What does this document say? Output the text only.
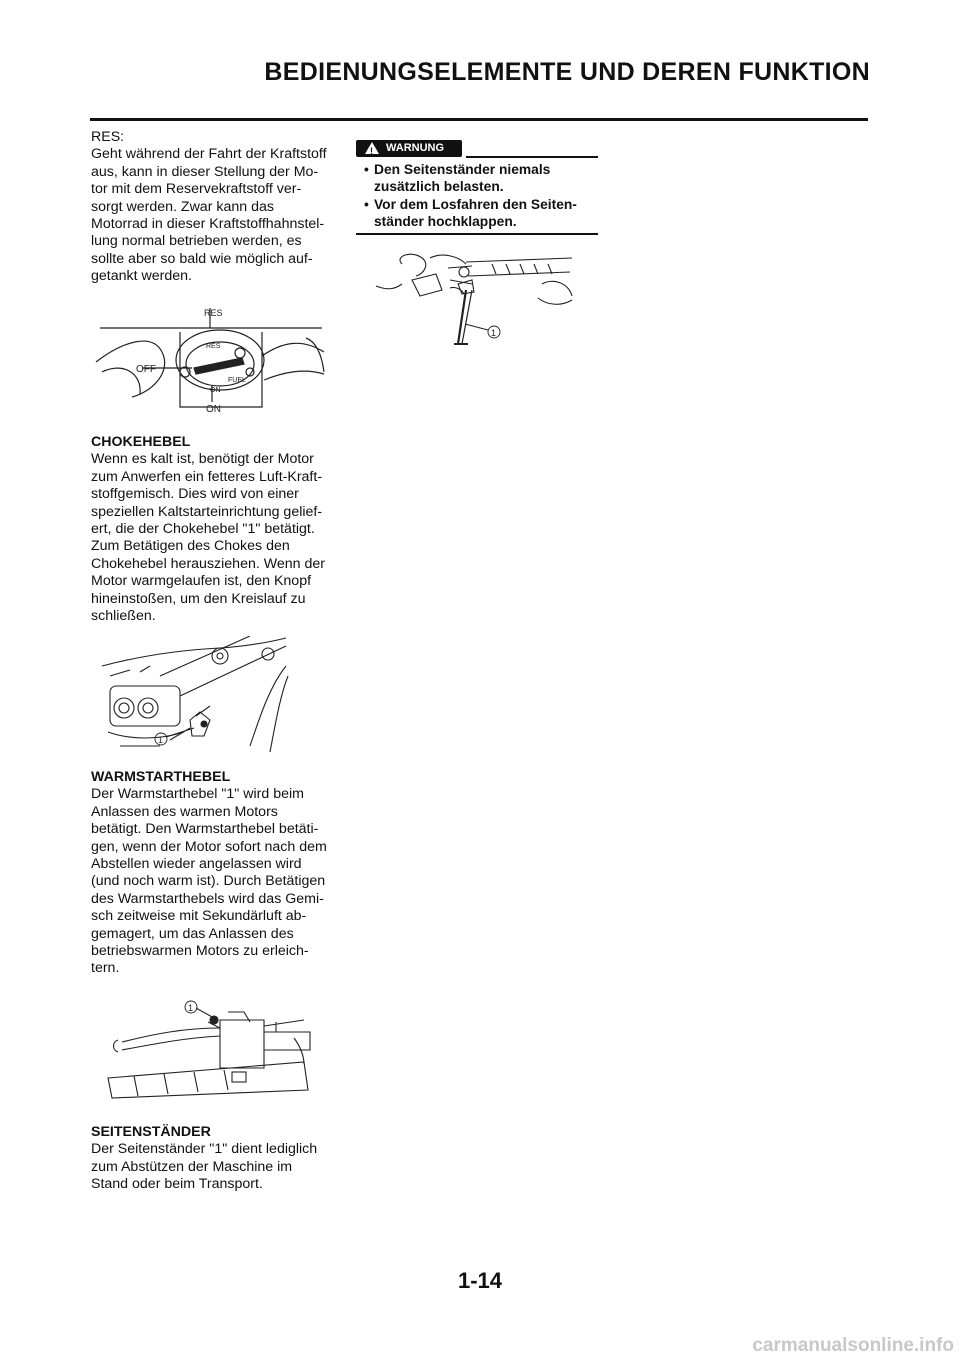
BEDIENUNGSELEMENTE UND DEREN FUNKTION
RES:
Geht während der Fahrt der Kraftstoff
aus, kann in dieser Stellung der Mo-
tor mit dem Reservekraftstoff ver-
sorgt werden. Zwar kann das
Motorrad in dieser Kraftstoffhahnstel-
lung normal betrieben werden, es
sollte aber so bald wie möglich auf-
getankt werden.
RES
RES
OFF
ON
ON
FUEL
CHOKEHEBEL
Wenn es kalt ist, benötigt der Motor
zum Anwerfen ein fetteres Luft-Kraft-
stoffgemisch. Dies wird von einer
speziellen Kaltstarteinrichtung gelief-
ert, die der Chokehebel "1" betätigt.
Zum Betätigen des Chokes den
Chokehebel herausziehen. Wenn der
Motor warmgelaufen ist, den Knopf
hineinstoßen, um den Kreislauf zu
schließen.
1
WARMSTARTHEBEL
Der Warmstarthebel "1" wird beim
Anlassen des warmen Motors
betätigt. Den Warmstarthebel betäti-
gen, wenn der Motor sofort nach dem
Abstellen wieder angelassen wird
(und noch warm ist). Durch Betätigen
des Warmstarthebels wird das Gemi-
sch zeitweise mit Sekundärluft ab-
gemagert, um das Anlassen des
betriebswarmen Motors zu erleich-
tern.
1
SEITENSTÄNDER
Der Seitenständer "1" dient lediglich
zum Abstützen der Maschine im
Stand oder beim Transport.
!
WARNUNG
• Den Seitenständer niemals
zusätzlich belasten.
• Vor dem Losfahren den Seiten-
ständer hochklappen.
1
1-14
carmanualsonline.info
